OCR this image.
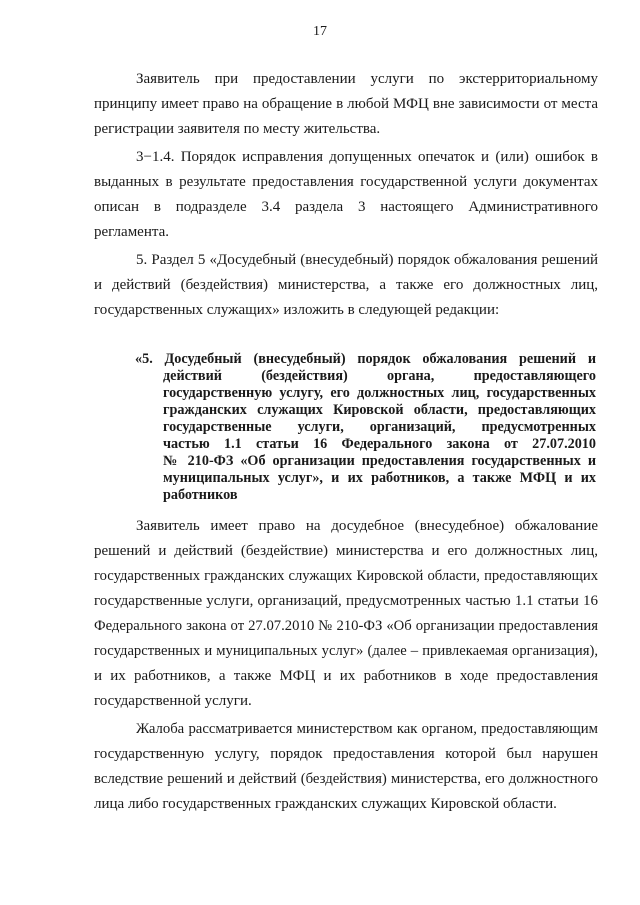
17
Заявитель при предоставлении услуги по экстерриториальному
принципу имеет право на обращение в любой МФЦ вне зависимости от места
регистрации заявителя по месту жительства.
3−1.4. Порядок исправления допущенных опечаток и (или) ошибок в
выданных в результате предоставления государственной услуги документах
описан в подразделе 3.4 раздела 3 настоящего Административного
регламента.
5. Раздел 5 «Досудебный (внесудебный) порядок обжалования решений
и действий (бездействия) министерства, а также его должностных лиц,
государственных служащих» изложить в следующей редакции:
«5. Досудебный (внесудебный) порядок обжалования решений и
действий (бездействия) органа, предоставляющего
государственную услугу, его должностных лиц, государственных
гражданских служащих Кировской области, предоставляющих
государственные услуги, организаций, предусмотренных
частью 1.1 статьи 16 Федерального закона от 27.07.2010
№ 210-ФЗ «Об организации предоставления государственных и
муниципальных услуг», и их работников, а также МФЦ и их
работников
Заявитель имеет право на досудебное (внесудебное) обжалование
решений и действий (бездействие) министерства и его должностных лиц,
государственных гражданских служащих Кировской области, предоставляющих
государственные услуги, организаций, предусмотренных частью 1.1 статьи 16
Федерального закона от 27.07.2010 № 210-ФЗ «Об организации предоставления
государственных и муниципальных услуг» (далее – привлекаемая организация),
и их работников, а также МФЦ и их работников в ходе предоставления
государственной услуги.
Жалоба рассматривается министерством как органом, предоставляющим
государственную услугу, порядок предоставления которой был нарушен
вследствие решений и действий (бездействия) министерства, его должностного
лица либо государственных гражданских служащих Кировской области.
